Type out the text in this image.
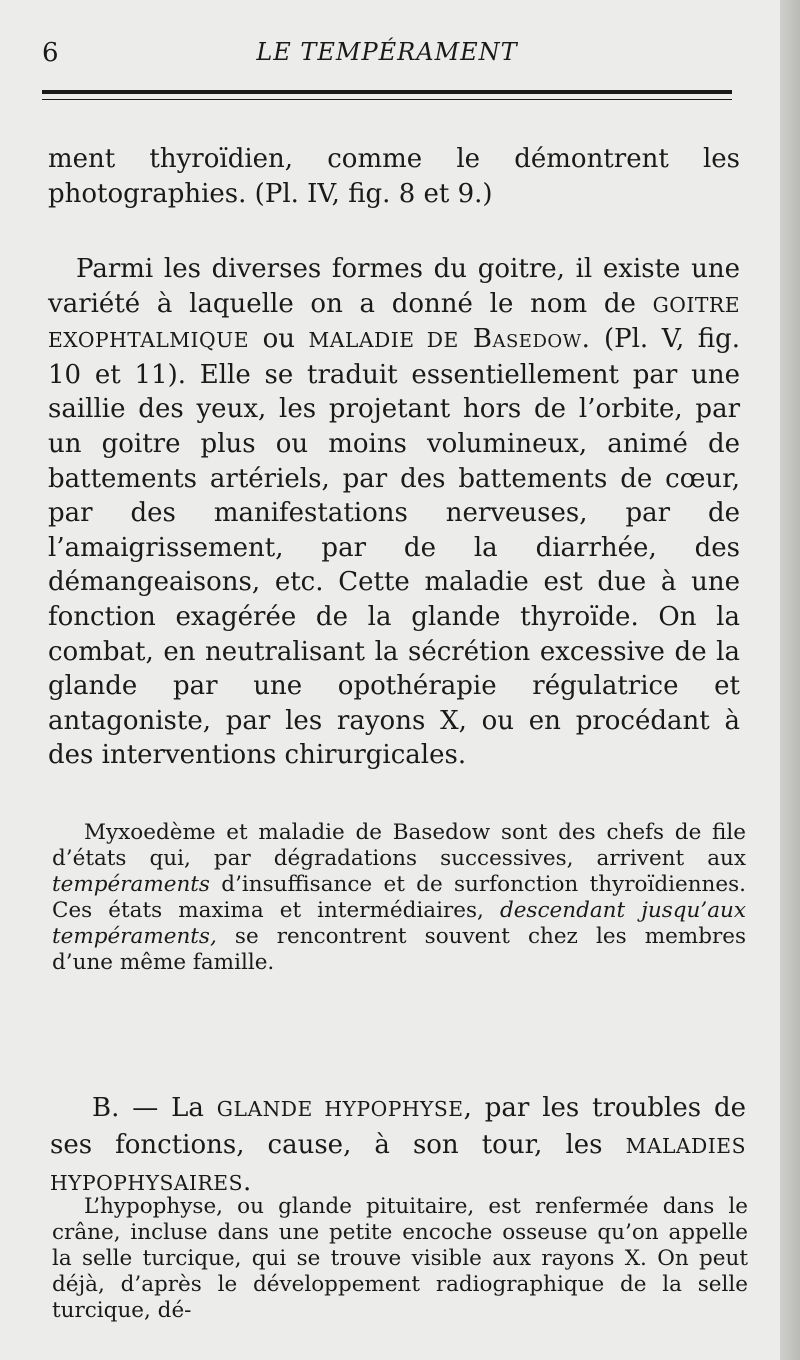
6	LE TEMPÉRAMENT

ment thyroïdien, comme le démontrent les photographies. (Pl. IV, fig. 8 et 9.)

Parmi les diverses formes du goitre, il existe une variété à laquelle on a donné le nom de GOITRE EXOPHTALMIQUE ou MALADIE DE Basedow. (Pl. V, fig. 10 et 11). Elle se traduit essentiellement par une saillie des yeux, les projetant hors de l’orbite, par un goitre plus ou moins volumineux, animé de battements artériels, par des battements de cœur, par des manifestations nerveuses, par de l’amaigrissement, par de la diarrhée, des démangeaisons, etc. Cette maladie est due à une fonction exagérée de la glande thyroïde. On la combat, en neutralisant la sécrétion excessive de la glande par une opothérapie régulatrice et antagoniste, par les rayons X, ou en procédant à des interventions chirurgicales.

Myxoedème et maladie de Basedow sont des chefs de file d’états qui, par dégradations successives, arrivent aux tempéraments d’insuffisance et de surfonction thyroïdiennes. Ces états maxima et intermédiaires, descendant jusqu’aux tempéraments, se rencontrent souvent chez les membres d’une même famille.

B. — La GLANDE HYPOPHYSE, par les troubles de ses fonctions, cause, à son tour, les MALADIES HYPOPHYSAIRES.

L’hypophyse, ou glande pituitaire, est renfermée dans le crâne, incluse dans une petite encoche osseuse qu’on appelle la selle turcique, qui se trouve visible aux rayons X. On peut déjà, d’après le développement radiographique de la selle turcique, dé-
